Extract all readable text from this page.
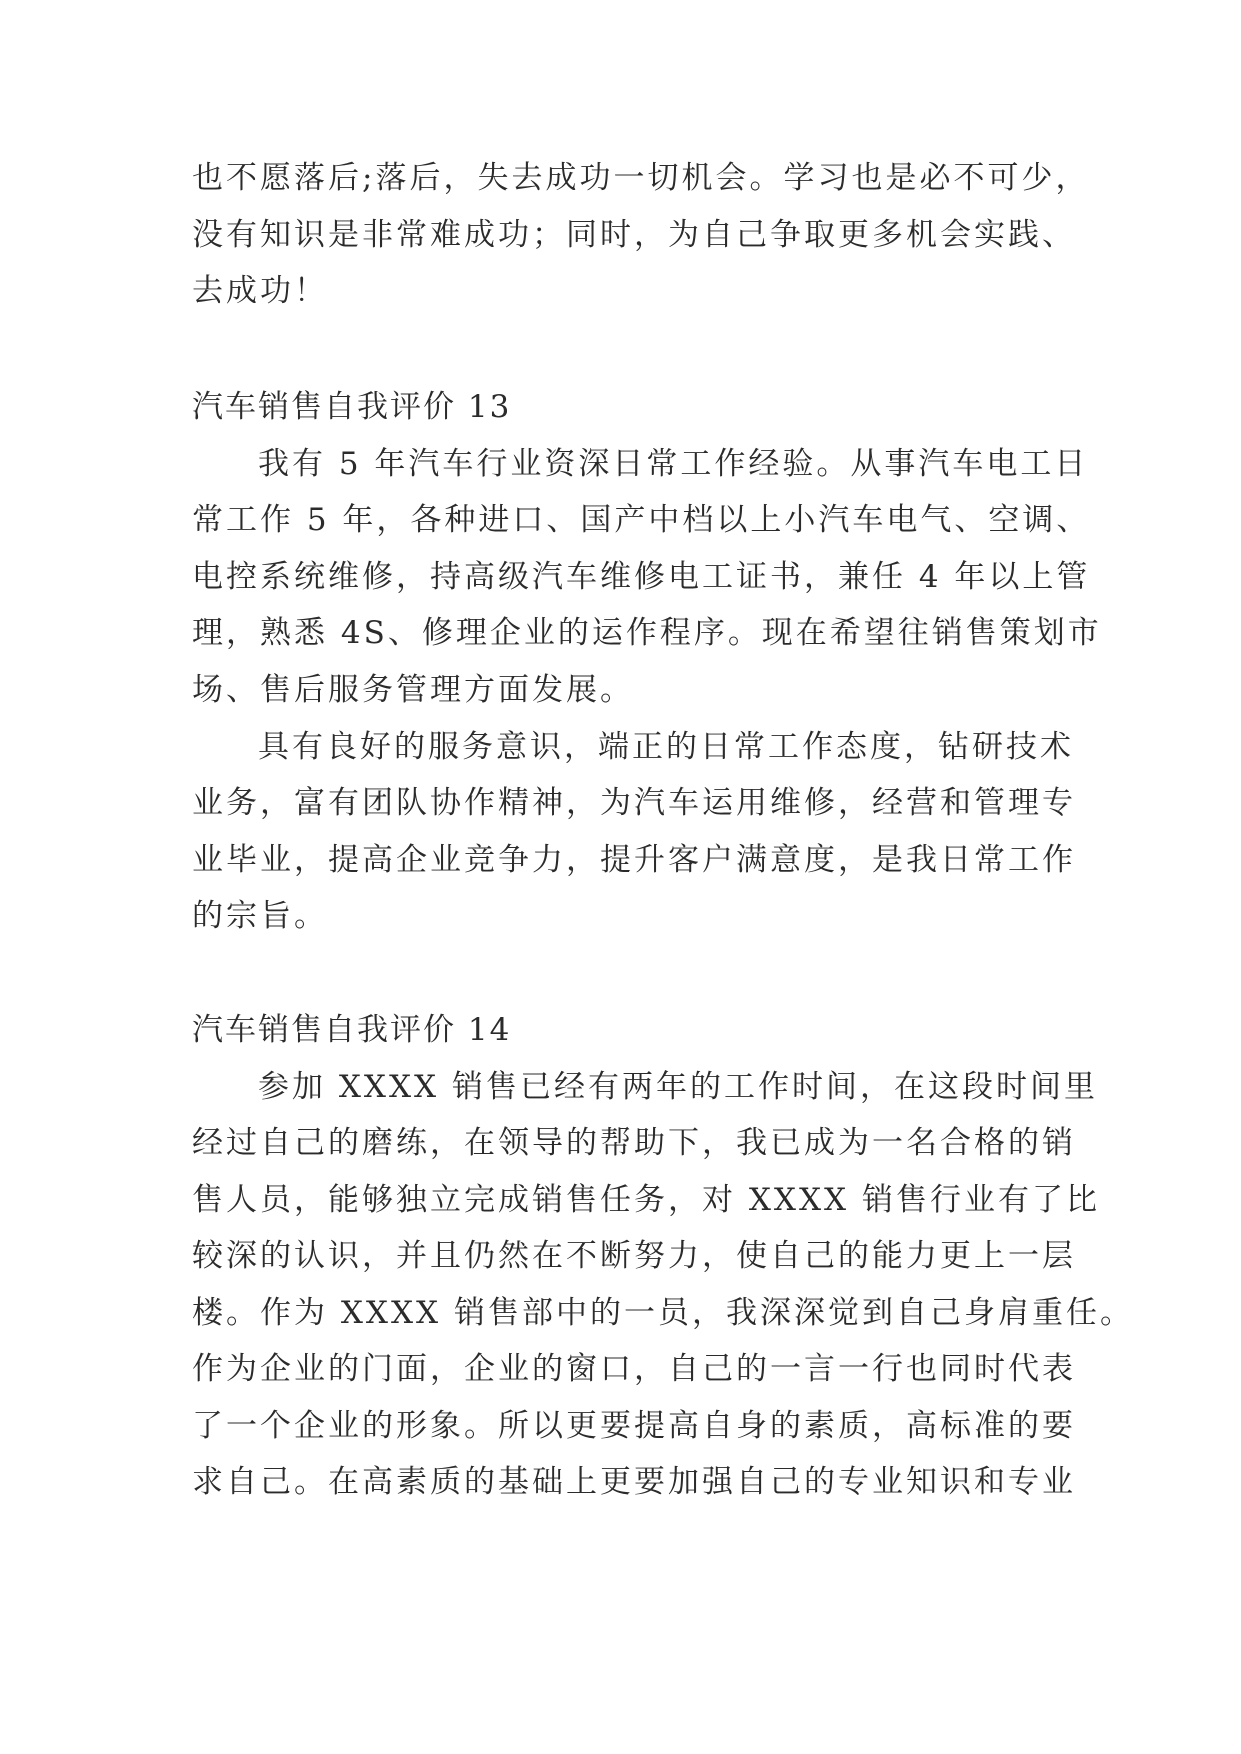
也不愿落后;落后，失去成功一切机会。学习也是必不可少，
没有知识是非常难成功；同时，为自己争取更多机会实践、
去成功！
汽车销售自我评价 13
我有 5 年汽车行业资深日常工作经验。从事汽车电工日
常工作 5 年，各种进口、国产中档以上小汽车电气、空调、
电控系统维修，持高级汽车维修电工证书，兼任 4 年以上管
理，熟悉 4S、修理企业的运作程序。现在希望往销售策划市
场、售后服务管理方面发展。
具有良好的服务意识，端正的日常工作态度，钻研技术
业务，富有团队协作精神，为汽车运用维修，经营和管理专
业毕业，提高企业竞争力，提升客户满意度，是我日常工作
的宗旨。
汽车销售自我评价 14
参加 XXXX 销售已经有两年的工作时间，在这段时间里
经过自己的磨练，在领导的帮助下，我已成为一名合格的销
售人员，能够独立完成销售任务，对 XXXX 销售行业有了比
较深的认识，并且仍然在不断努力，使自己的能力更上一层
楼。作为 XXXX 销售部中的一员，我深深觉到自己身肩重任。
作为企业的门面，企业的窗口，自己的一言一行也同时代表
了一个企业的形象。所以更要提高自身的素质，高标准的要
求自己。在高素质的基础上更要加强自己的专业知识和专业
